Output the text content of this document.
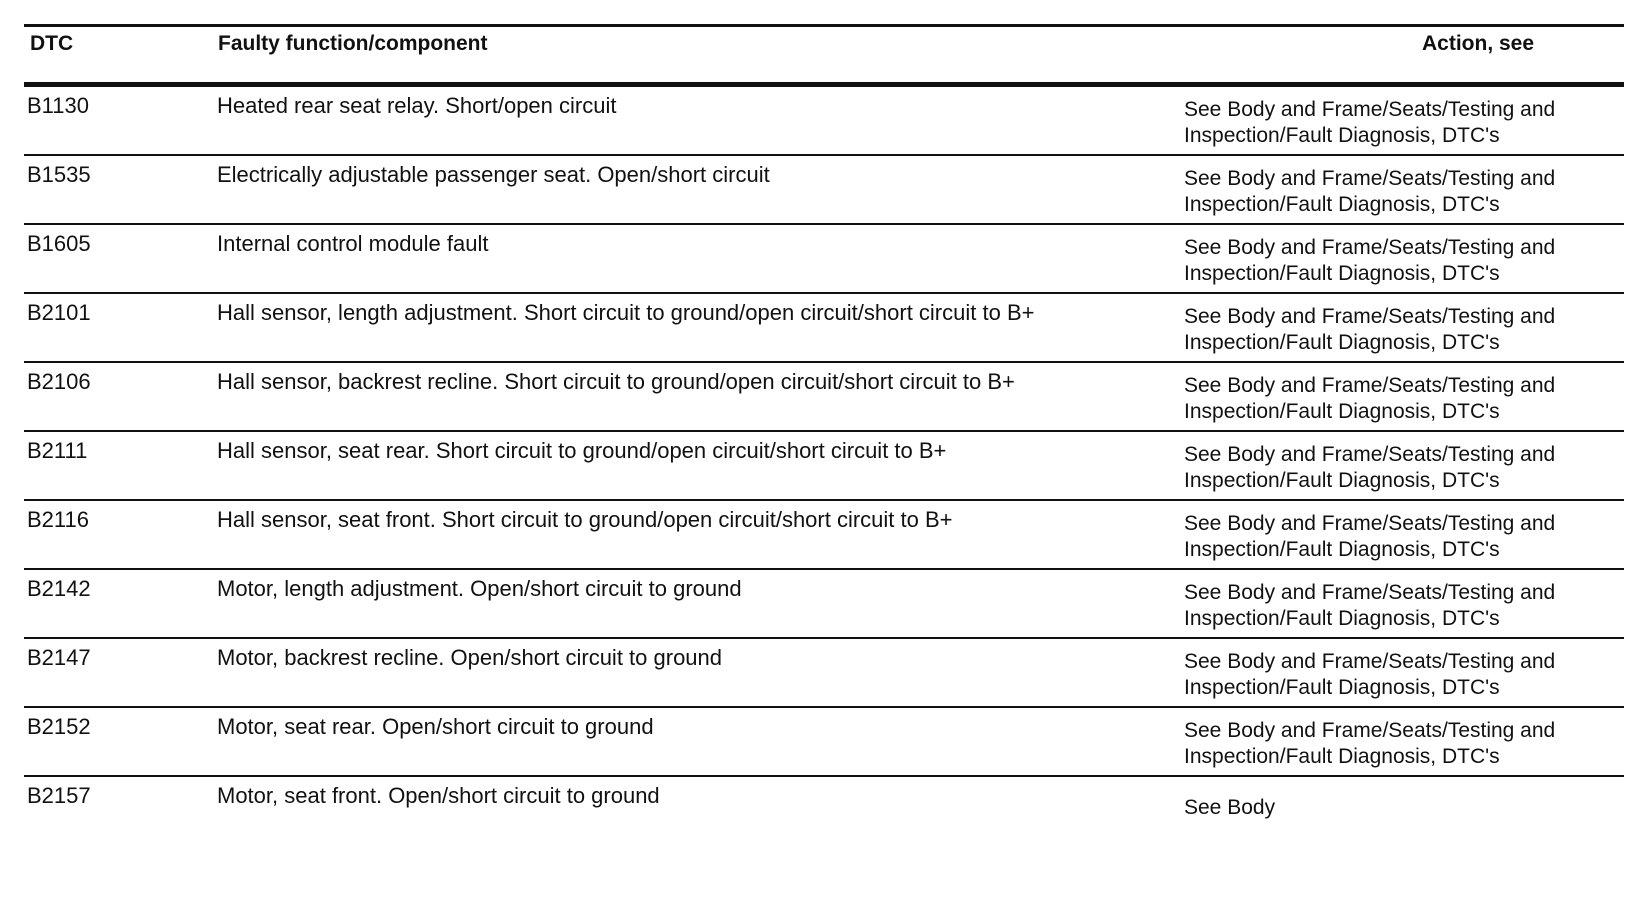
DTC	Faulty function/component	Action, see
B1130	Heated rear seat relay. Short/open circuit	See Body and Frame/Seats/Testing and
Inspection/Fault Diagnosis, DTC's
B1535	Electrically adjustable passenger seat. Open/short circuit	See Body and Frame/Seats/Testing and
Inspection/Fault Diagnosis, DTC's
B1605	Internal control module fault	See Body and Frame/Seats/Testing and
Inspection/Fault Diagnosis, DTC's
B2101	Hall sensor, length adjustment. Short circuit to ground/open circuit/short circuit to B+	See Body and Frame/Seats/Testing and
Inspection/Fault Diagnosis, DTC's
B2106	Hall sensor, backrest recline. Short circuit to ground/open circuit/short circuit to B+	See Body and Frame/Seats/Testing and
Inspection/Fault Diagnosis, DTC's
B2111	Hall sensor, seat rear. Short circuit to ground/open circuit/short circuit to B+	See Body and Frame/Seats/Testing and
Inspection/Fault Diagnosis, DTC's
B2116	Hall sensor, seat front. Short circuit to ground/open circuit/short circuit to B+	See Body and Frame/Seats/Testing and
Inspection/Fault Diagnosis, DTC's
B2142	Motor, length adjustment. Open/short circuit to ground	See Body and Frame/Seats/Testing and
Inspection/Fault Diagnosis, DTC's
B2147	Motor, backrest recline. Open/short circuit to ground	See Body and Frame/Seats/Testing and
Inspection/Fault Diagnosis, DTC's
B2152	Motor, seat rear. Open/short circuit to ground	See Body and Frame/Seats/Testing and
Inspection/Fault Diagnosis, DTC's
B2157	Motor, seat front. Open/short circuit to ground	See Body
